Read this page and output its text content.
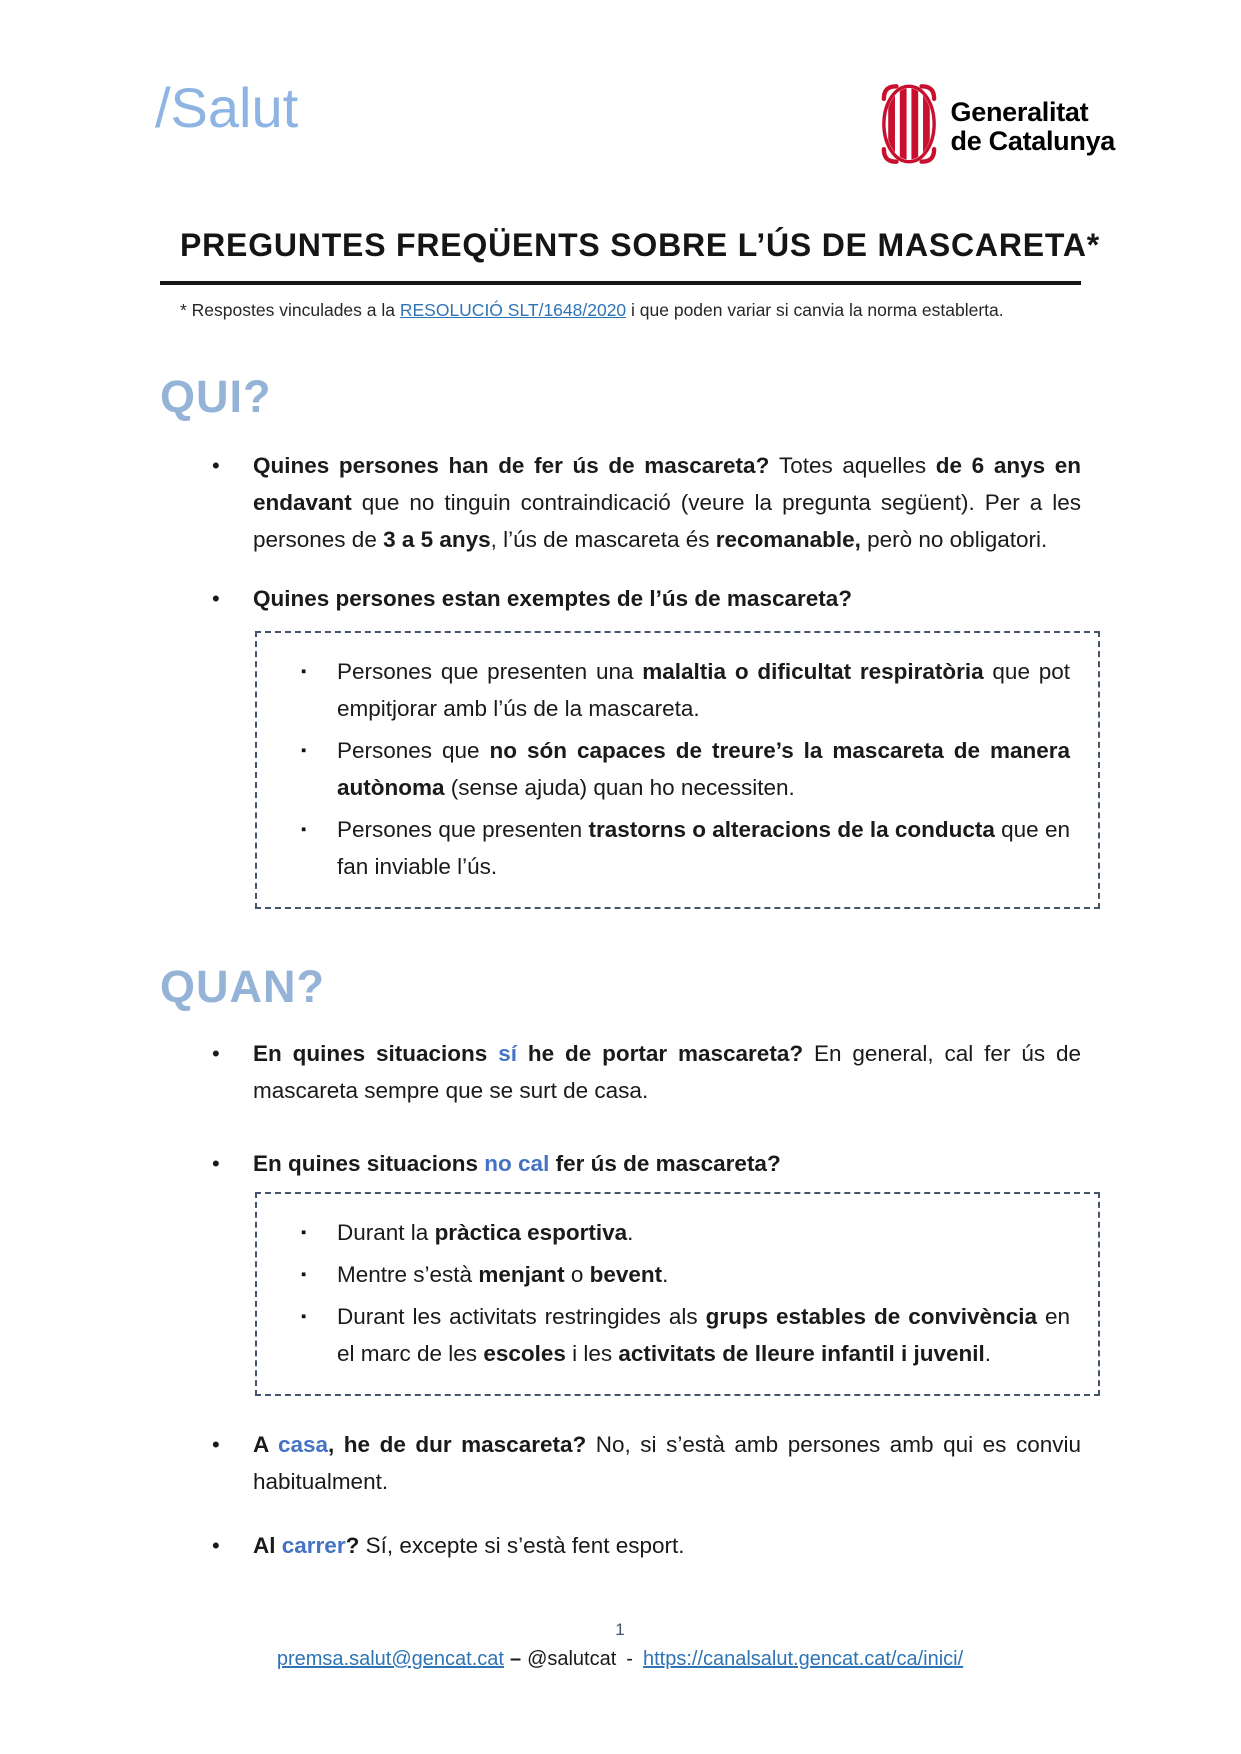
/Salut	Generalitat
de Catalunya
PREGUNTES FREQÜENTS SOBRE L’ÚS DE MASCARETA*

* Respostes vinculades a la RESOLUCIÓ SLT/1648/2020 i que poden variar si canvia la norma establerta.

QUI?
•	Quines persones han de fer ús de mascareta? Totes aquelles de 6 anys en endavant que no tinguin contraindicació (veure la pregunta següent). Per a les persones de 3 a 5 anys, l’ús de mascareta és recomanable, però no obligatori.

•	Quines persones estan exemptes de l’ús de mascareta?

▪	Persones que presenten una malaltia o dificultat respiratòria que pot empitjorar amb l’ús de la mascareta.

▪	Persones que no són capaces de treure’s la mascareta de manera autònoma (sense ajuda) quan ho necessiten.

▪	Persones que presenten trastorns o alteracions de la conducta que en fan inviable l’ús.

QUAN?
•	En quines situacions sí he de portar mascareta? En general, cal fer ús de mascareta sempre que se surt de casa.

•	En quines situacions no cal fer ús de mascareta?

▪	Durant la pràctica esportiva.

▪	Mentre s’està menjant o bevent.

▪	Durant les activitats restringides als grups estables de convivència en el marc de les escoles i les activitats de lleure infantil i juvenil.

•	A casa, he de dur mascareta? No, si s’està amb persones amb qui es conviu habitualment.

•	Al carrer? Sí, excepte si s’està fent esport.

1
premsa.salut@gencat.cat – @salutcat - https://canalsalut.gencat.cat/ca/inici/
